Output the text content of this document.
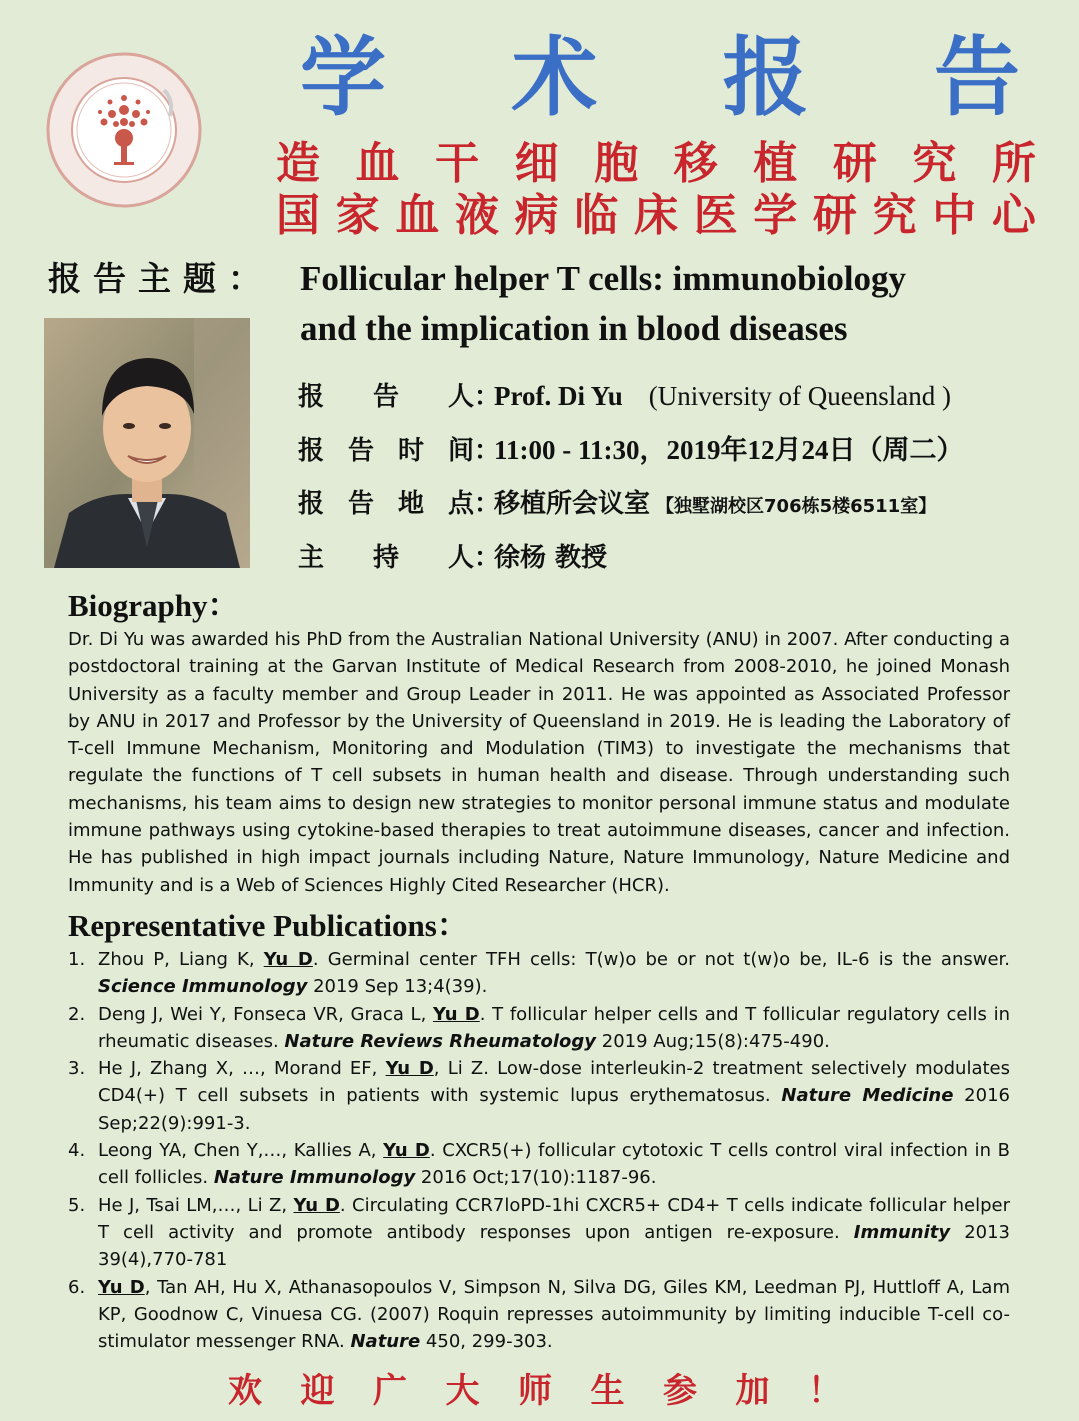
学 术 报 告
造 血 干 细 胞 移 植 研 究 所
国 家 血 液 病 临 床 医 学 研 究 中 心
报告主题： Follicular helper T cells: immunobiology
and the implication in blood diseases
报 告 人 ：
Prof. Di Yu (University of Queensland )
报 告 时 间 ：
11:00 - 11:30，2019年12月24日（周二）
报 告 地 点 ：
移植所会议室 【独墅湖校区706栋5楼6511室】
主 持 人 ：
徐杨 教授
Biography：

Dr. Di Yu was awarded his PhD from the Australian National University (ANU) in 2007. After conducting a postdoctoral training at the Garvan Institute of Medical Research from 2008-2010, he joined Monash University as a faculty member and Group Leader in 2011. He was appointed as Associated Professor by ANU in 2017 and Professor by the University of Queensland in 2019. He is leading the Laboratory of T-cell Immune Mechanism, Monitoring and Modulation (TIM3) to investigate the mechanisms that regulate the functions of T cell subsets in human health and disease. Through understanding such mechanisms, his team aims to design new strategies to monitor personal immune status and modulate immune pathways using cytokine-based therapies to treat autoimmune diseases, cancer and infection. He has published in high impact journals including Nature, Nature Immunology, Nature Medicine and Immunity and is a Web of Sciences Highly Cited Researcher (HCR).

Representative Publications：
1. Zhou P, Liang K, Yu D. Germinal center TFH cells: T(w)o be or not t(w)o be, IL-6 is the answer. Science Immunology 2019 Sep 13;4(39).
2. Deng J, Wei Y, Fonseca VR, Graca L, Yu D. T follicular helper cells and T follicular regulatory cells in rheumatic diseases. Nature Reviews Rheumatology 2019 Aug;15(8):475-490.
3. He J, Zhang X, …, Morand EF, Yu D, Li Z. Low-dose interleukin-2 treatment selectively modulates CD4(+) T cell subsets in patients with systemic lupus erythematosus. Nature Medicine 2016 Sep;22(9):991-3.
4. Leong YA, Chen Y,…, Kallies A, Yu D. CXCR5(+) follicular cytotoxic T cells control viral infection in B cell follicles. Nature Immunology 2016 Oct;17(10):1187-96.
5. He J, Tsai LM,…, Li Z, Yu D. Circulating CCR7loPD-1hi CXCR5+ CD4+ T cells indicate follicular helper T cell activity and promote antibody responses upon antigen re-exposure. Immunity 2013 39(4),770-781
6. Yu D, Tan AH, Hu X, Athanasopoulos V, Simpson N, Silva DG, Giles KM, Leedman PJ, Huttloff A, Lam KP, Goodnow C, Vinuesa CG. (2007) Roquin represses autoimmunity by limiting inducible T-cell co-stimulator messenger RNA. Nature 450, 299-303.
欢 迎 广 大 师 生 参 加 ！
